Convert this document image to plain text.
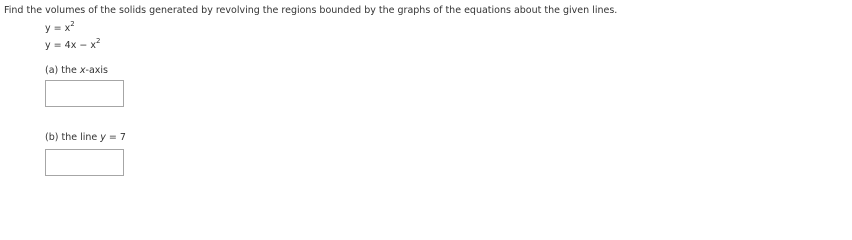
Find the volumes of the solids generated by revolving the regions bounded by the graphs of the equations about the given lines.
$y = x^2$
$y = 4x - x^2$
(a) the x-axis
(b) the line y = 7
